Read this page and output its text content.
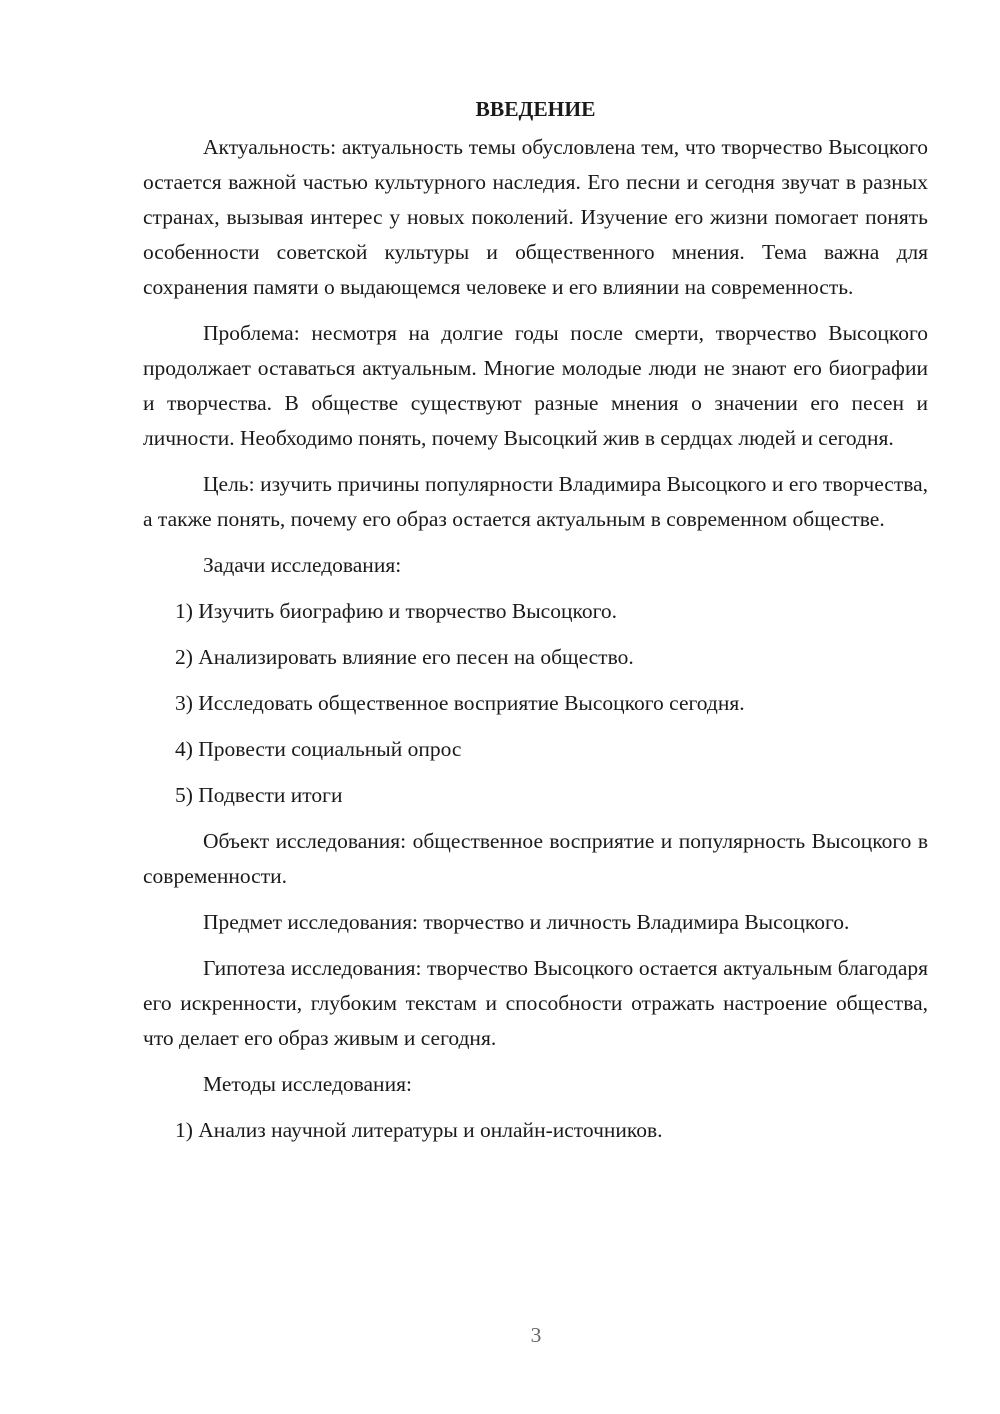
ВВЕДЕНИЕ

Актуальность: актуальность темы обусловлена тем, что творчество Высоцкого остается важной частью культурного наследия. Его песни и сегодня звучат в разных странах, вызывая интерес у новых поколений. Изучение его жизни помогает понять особенности советской культуры и общественного мнения. Тема важна для сохранения памяти о выдающемся человеке и его влиянии на современность.

Проблема: несмотря на долгие годы после смерти, творчество Высоцкого продолжает оставаться актуальным. Многие молодые люди не знают его биографии и творчества. В обществе существуют разные мнения о значении его песен и личности. Необходимо понять, почему Высоцкий жив в сердцах людей и сегодня.

Цель: изучить причины популярности Владимира Высоцкого и его творчества, а также понять, почему его образ остается актуальным в современном обществе.

Задачи исследования:
1) Изучить биографию и творчество Высоцкого.
2) Анализировать влияние его песен на общество.
3) Исследовать общественное восприятие Высоцкого сегодня.
4) Провести социальный опрос
5) Подвести итоги

Объект исследования: общественное восприятие и популярность Высоцкого в современности.

Предмет исследования: творчество и личность Владимира Высоцкого.

Гипотеза исследования: творчество Высоцкого остается актуальным благодаря его искренности, глубоким текстам и способности отражать настроение общества, что делает его образ живым и сегодня.

Методы исследования:
1) Анализ научной литературы и онлайн-источников.
3
